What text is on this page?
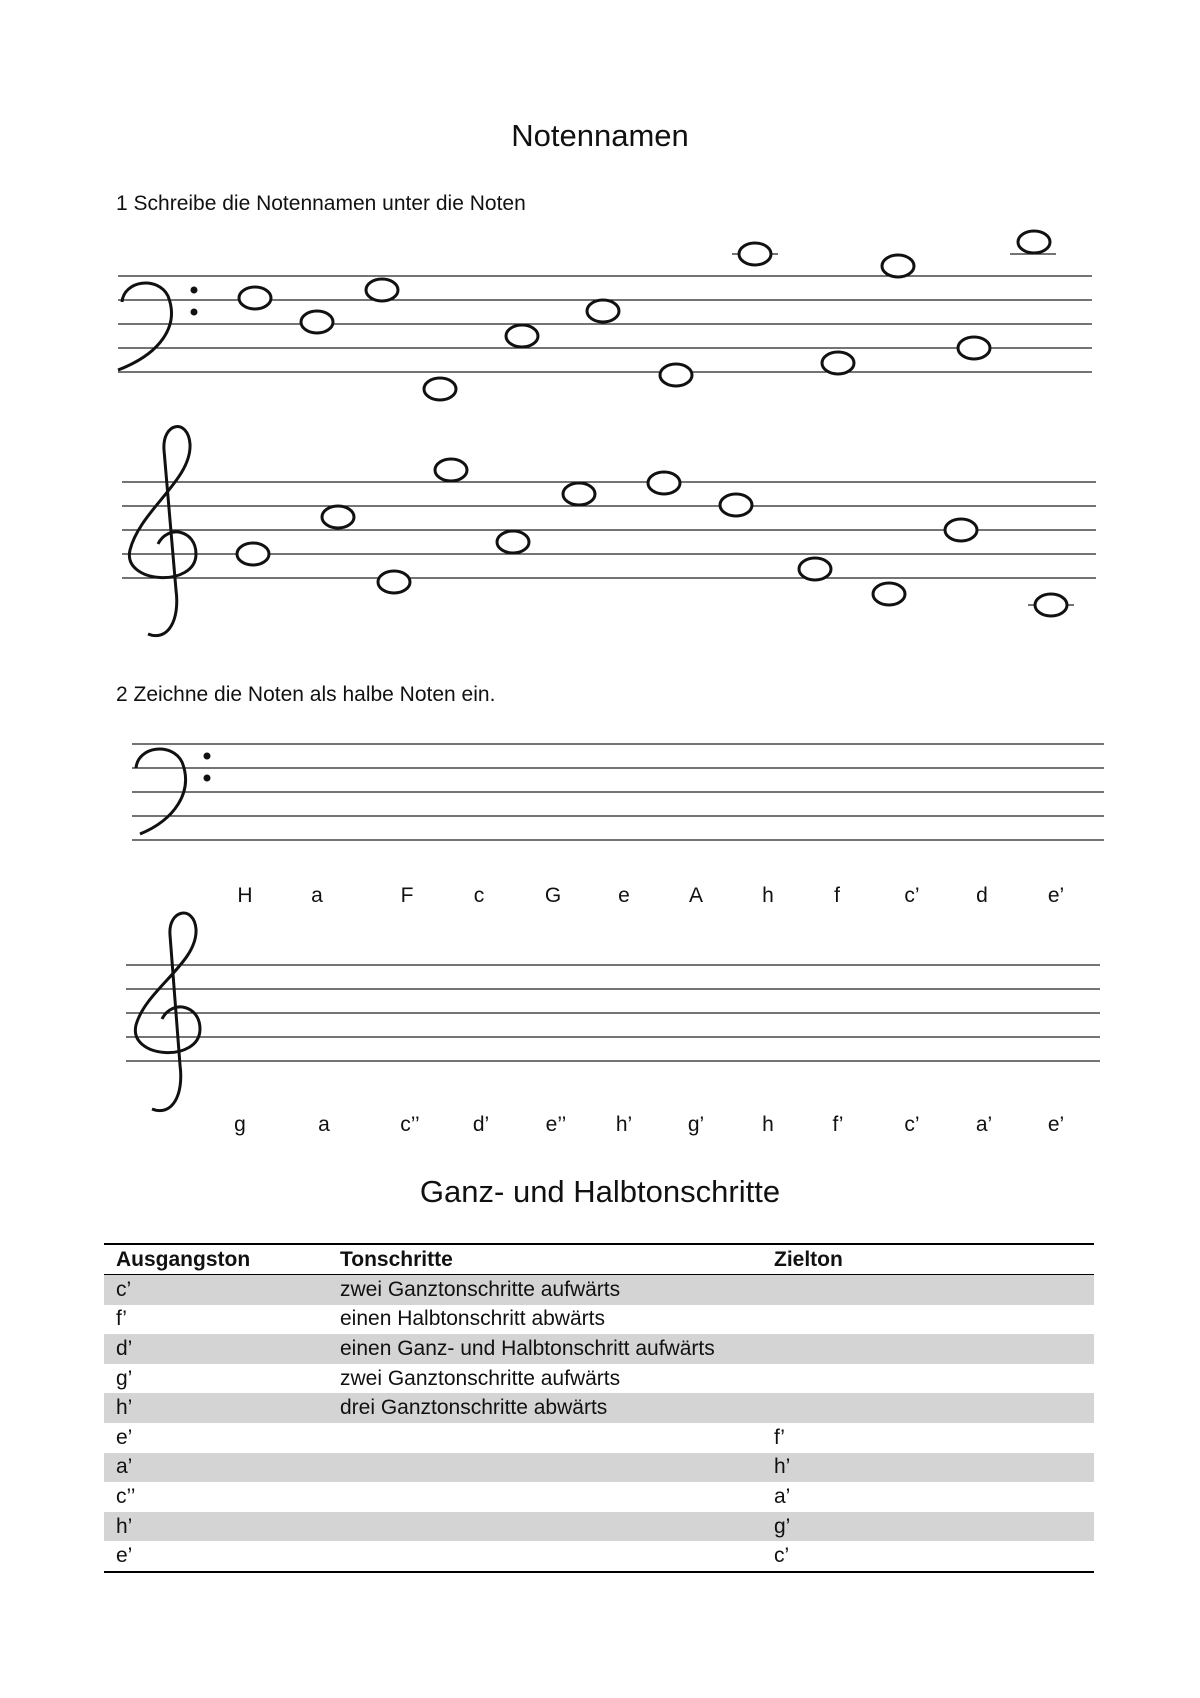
Notennamen
1 Schreibe die Notennamen unter die Noten
2 Zeichne die Noten als halbe Noten ein.
H	a	F	c	G	e	A	h	f	c’	d	e’
g	a	c’’	d’	e’’	h’	g’	h	f’	c’	a’	e’
Ganz- und Halbtonschritte
Ausgangston	Tonschritte	Zielton
c’	zwei Ganztonschritte aufwärts	
f’	einen Halbtonschritt abwärts	
d’	einen Ganz- und Halbtonschritt aufwärts	
g’	zwei Ganztonschritte aufwärts	
h’	drei Ganztonschritte abwärts	
e’		f’
a’		h’
c’’		a’
h’		g’
e’		c’
